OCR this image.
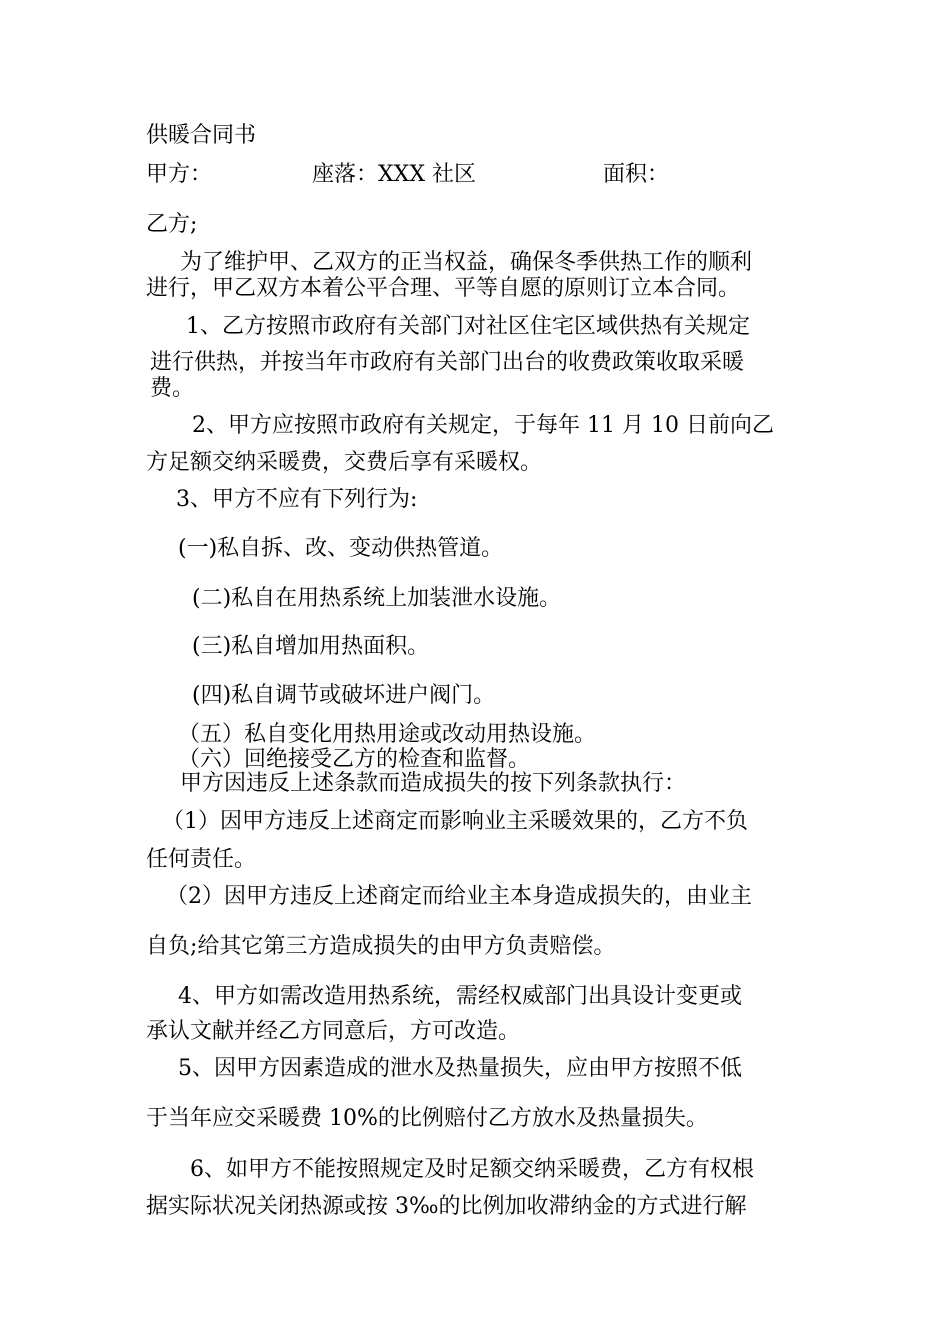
供暖合同书
甲方：	座落：XXX 社区	面积：
乙方;
为了维护甲、乙双方的正当权益，确保冬季供热工作的顺利
进行，甲乙双方本着公平合理、平等自愿的原则订立本合同。
1、乙方按照市政府有关部门对社区住宅区域供热有关规定
进行供热，并按当年市政府有关部门出台的收费政策收取采暖
费。
2、甲方应按照市政府有关规定，于每年 11 月 10 日前向乙
方足额交纳采暖费，交费后享有采暖权。
3、甲方不应有下列行为:
(一)私自拆、改、变动供热管道。
(二)私自在用热系统上加装泄水设施。
(三)私自增加用热面积。
(四)私自调节或破坏进户阀门。
（五）私自变化用热用途或改动用热设施。
（六）回绝接受乙方的检查和监督。
甲方因违反上述条款而造成损失的按下列条款执行：
（1）因甲方违反上述商定而影响业主采暖效果的，乙方不负
任何责任。
（2）因甲方违反上述商定而给业主本身造成损失的，由业主
自负;给其它第三方造成损失的由甲方负责赔偿。
4、甲方如需改造用热系统，需经权威部门出具设计变更或
承认文献并经乙方同意后，方可改造。
5、因甲方因素造成的泄水及热量损失，应由甲方按照不低
于当年应交采暖费 10%的比例赔付乙方放水及热量损失。
6、如甲方不能按照规定及时足额交纳采暖费，乙方有权根
据实际状况关闭热源或按 3‰的比例加收滞纳金的方式进行解
